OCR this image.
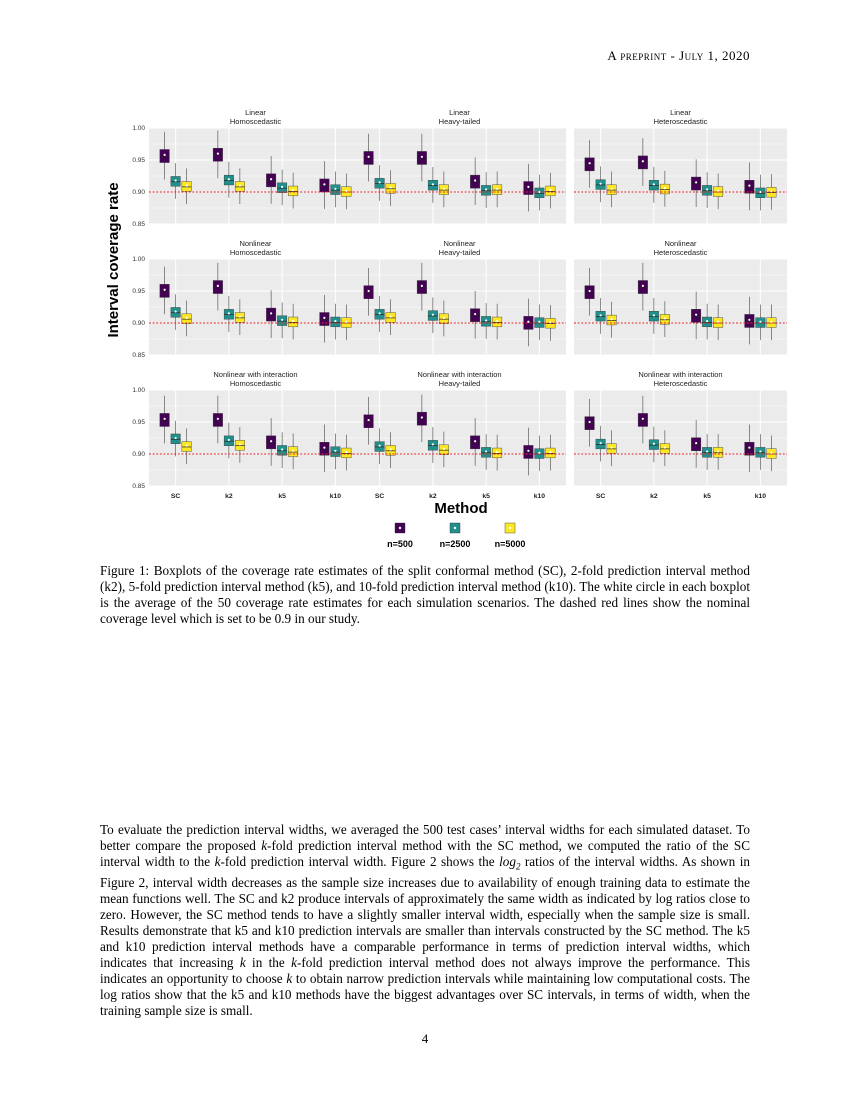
A preprint - July 1, 2020
Interval coverage rate
Linear
Homoscedastic
0.85
0.90
0.95
1.00
Linear
Heavy-tailed
Linear
Heteroscedastic
Nonlinear
Homoscedastic
0.85
0.90
0.95
1.00
Nonlinear
Heavy-tailed
Nonlinear
Heteroscedastic
Nonlinear with interaction
Homoscedastic
0.85
0.90
0.95
1.00
SC	k2	k5	k10
Nonlinear with interaction
Heavy-tailed
SC	k2	k5	k10
Nonlinear with interaction
Heteroscedastic
SC	k2	k5	k10
Method
n=500	n=2500	n=5000
Figure 1: Boxplots of the coverage rate estimates of the split conformal method (SC), 2-fold prediction interval method (k2), 5-fold prediction interval method (k5), and 10-fold prediction interval method (k10). The white circle in each boxplot is the average of the 50 coverage rate estimates for each simulation scenarios. The dashed red lines show the nominal coverage level which is set to be 0.9 in our study.
To evaluate the prediction interval widths, we averaged the 500 test cases’ interval widths for each simulated dataset. To better compare the proposed k-fold prediction interval method with the SC method, we computed the ratio of the SC interval width to the k-fold prediction interval width. Figure 2 shows the $\log_2$ ratios of the interval widths. As shown in Figure 2, interval width decreases as the sample size increases due to availability of enough training data to estimate the mean functions well. The SC and k2 produce intervals of approximately the same width as indicated by log ratios close to zero. However, the SC method tends to have a slightly smaller interval width, especially when the sample size is small. Results demonstrate that k5 and k10 prediction intervals are smaller than intervals constructed by the SC method. The k5 and k10 prediction interval methods have a comparable performance in terms of prediction interval widths, which indicates that increasing k in the k-fold prediction interval method does not always improve the performance. This indicates an opportunity to choose k to obtain narrow prediction intervals while maintaining low computational costs. The log ratios show that the k5 and k10 methods have the biggest advantages over SC intervals, in terms of width, when the training sample size is small.
4
